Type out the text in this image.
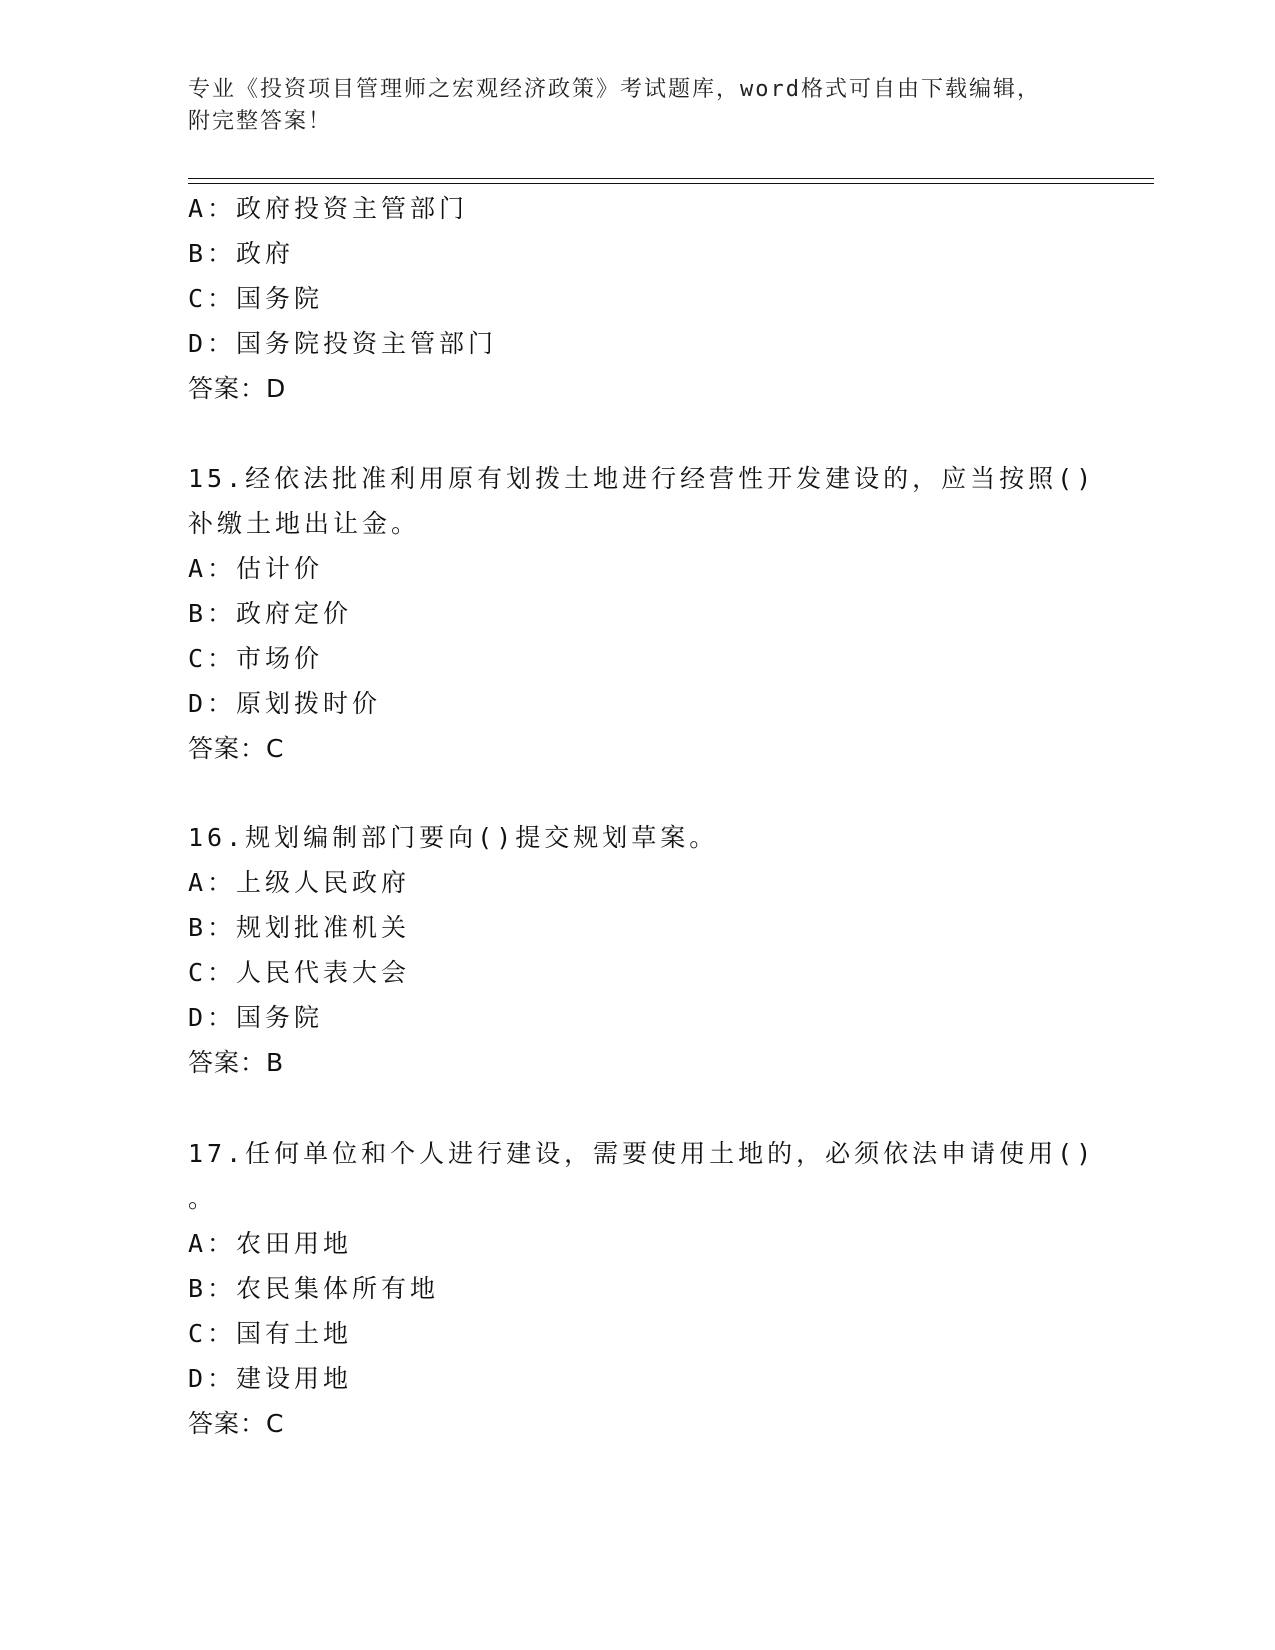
专业《投资项目管理师之宏观经济政策》考试题库，word格式可自由下载编辑，
附完整答案！
A：政府投资主管部门
B：政府
C：国务院
D：国务院投资主管部门
答案：D
15.经依法批准利用原有划拨土地进行经营性开发建设的，应当按照()
补缴土地出让金。
A：估计价
B：政府定价
C：市场价
D：原划拨时价
答案：C
16.规划编制部门要向()提交规划草案。
A：上级人民政府
B：规划批准机关
C：人民代表大会
D：国务院
答案：B
17.任何单位和个人进行建设，需要使用土地的，必须依法申请使用()
。
A：农田用地
B：农民集体所有地
C：国有土地
D：建设用地
答案：C
